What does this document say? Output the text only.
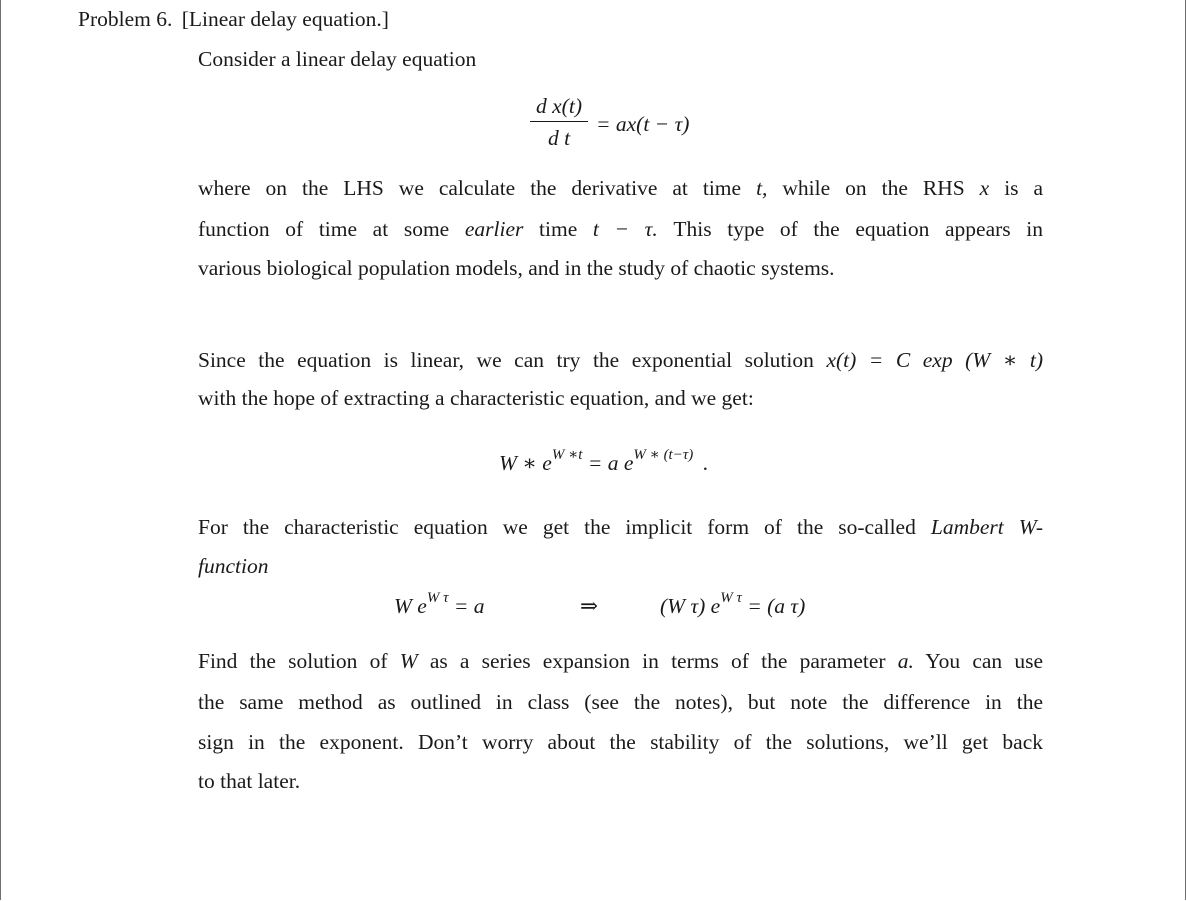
Problem 6. [Linear delay equation.]
Consider a linear delay equation
d x(t)
d t
= ax(t − τ)
where on the LHS we calculate the derivative at time t, while on the RHS x is a
function of time at some earlier time t − τ. This type of the equation appears in
various biological population models, and in the study of chaotic systems.
Since the equation is linear, we can try the exponential solution x(t) = C exp (W ∗ t)
with the hope of extracting a characteristic equation, and we get:
W ∗ $e^{W ∗t} = a$ $e^{W ∗ (t-\tau)}$ .
For the characteristic equation we get the implicit form of the so-called Lambert W-
function
W $e^{W \tau} = a$	⇒	(W τ) $e^{W \tau} = (a$ τ)
Find the solution of W as a series expansion in terms of the parameter a. You can use
the same method as outlined in class (see the notes), but note the difference in the
sign in the exponent. Don’t worry about the stability of the solutions, we’ll get back
to that later.
